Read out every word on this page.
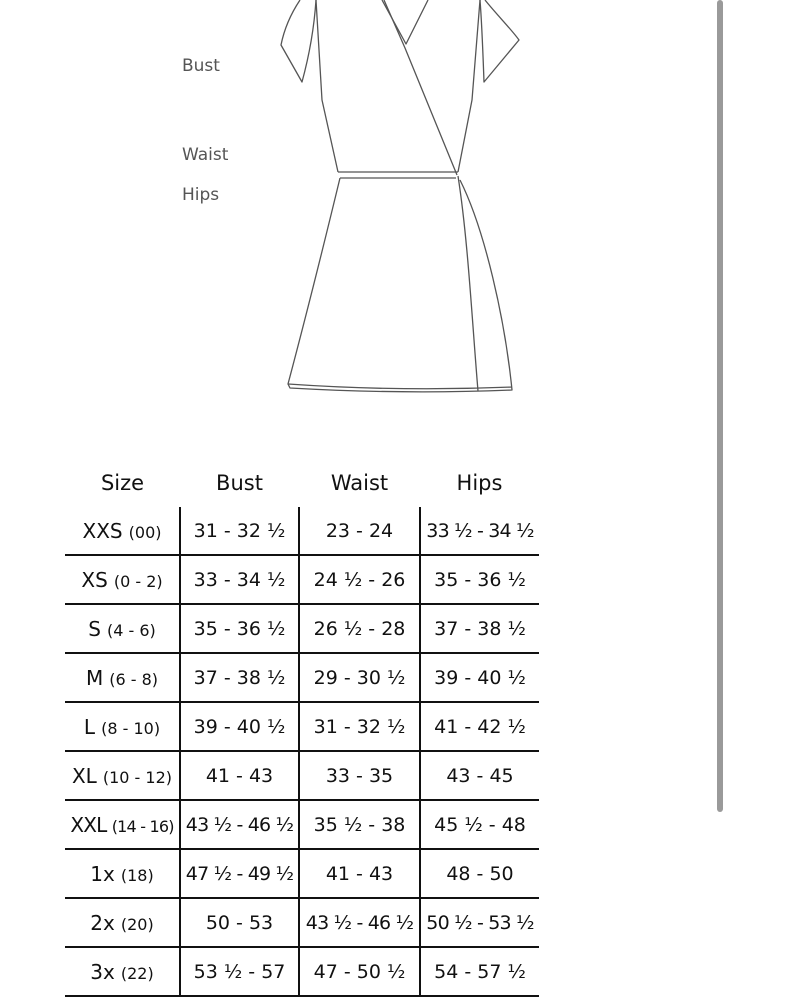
Bust
Waist
Hips
Size	Bust	Waist	Hips
XXS (00)	31 - 32 ½	23 - 24	33 ½ - 34 ½
XS (0 - 2)	33 - 34 ½	24 ½ - 26	35 - 36 ½
S (4 - 6)	35 - 36 ½	26 ½ - 28	37 - 38 ½
M (6 - 8)	37 - 38 ½	29 - 30 ½	39 - 40 ½
L (8 - 10)	39 - 40 ½	31 - 32 ½	41 - 42 ½
XL (10 - 12)	41 - 43	33 - 35	43 - 45
XXL (14 - 16)	43 ½ - 46 ½	35 ½ - 38	45 ½ - 48
1x (18)	47 ½ - 49 ½	41 - 43	48 - 50
2x (20)	50 - 53	43 ½ - 46 ½	50 ½ - 53 ½
3x (22)	53 ½ - 57	47 - 50 ½	54 - 57 ½
